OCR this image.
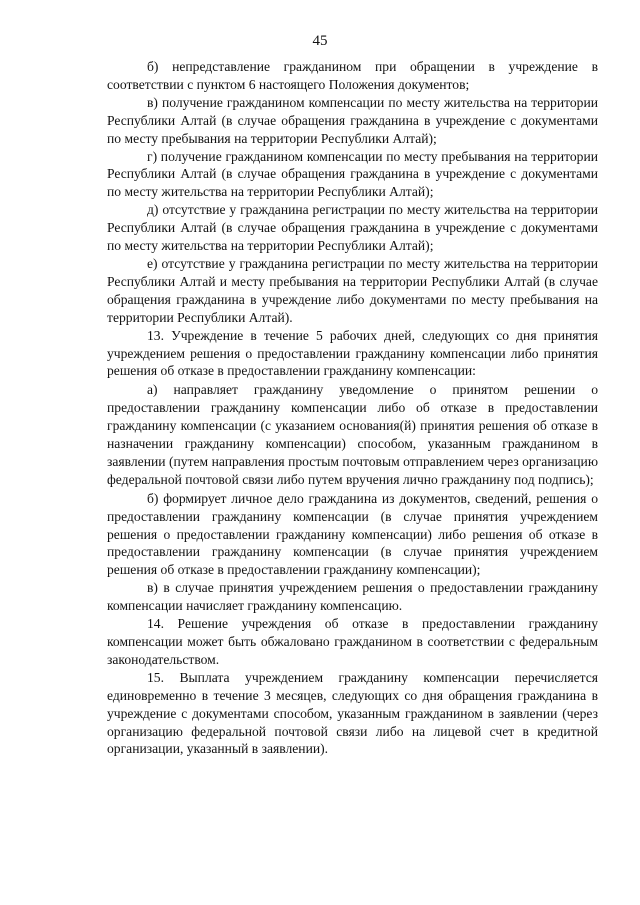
45

б) непредставление гражданином при обращении в учреждение в соответствии с пунктом 6 настоящего Положения документов;

в) получение гражданином компенсации по месту жительства на территории Республики Алтай (в случае обращения гражданина в учреждение с документами по месту пребывания на территории Республики Алтай);

г) получение гражданином компенсации по месту пребывания на территории Республики Алтай (в случае обращения гражданина в учреждение с документами по месту жительства на территории Республики Алтай);

д) отсутствие у гражданина регистрации по месту жительства на территории Республики Алтай (в случае обращения гражданина в учреждение с документами по месту жительства на территории Республики Алтай);

е) отсутствие у гражданина регистрации по месту жительства на территории Республики Алтай и месту пребывания на территории Республики Алтай (в случае обращения гражданина в учреждение либо документами по месту пребывания на территории Республики Алтай).

13. Учреждение в течение 5 рабочих дней, следующих со дня принятия учреждением решения о предоставлении гражданину компенсации либо принятия решения об отказе в предоставлении гражданину компенсации:

а) направляет гражданину уведомление о принятом решении о предоставлении гражданину компенсации либо об отказе в предоставлении гражданину компенсации (с указанием основания(й) принятия решения об отказе в назначении гражданину компенсации) способом, указанным гражданином в заявлении (путем направления простым почтовым отправлением через организацию федеральной почтовой связи либо путем вручения лично гражданину под подпись);

б) формирует личное дело гражданина из документов, сведений, решения о предоставлении гражданину компенсации (в случае принятия учреждением решения о предоставлении гражданину компенсации) либо решения об отказе в предоставлении гражданину компенсации (в случае принятия учреждением решения об отказе в предоставлении гражданину компенсации);

в) в случае принятия учреждением решения о предоставлении гражданину компенсации начисляет гражданину компенсацию.

14. Решение учреждения об отказе в предоставлении гражданину компенсации может быть обжаловано гражданином в соответствии с федеральным законодательством.

15. Выплата учреждением гражданину компенсации перечисляется единовременно в течение 3 месяцев, следующих со дня обращения гражданина в учреждение с документами способом, указанным гражданином в заявлении (через организацию федеральной почтовой связи либо на лицевой счет в кредитной организации, указанный в заявлении).
